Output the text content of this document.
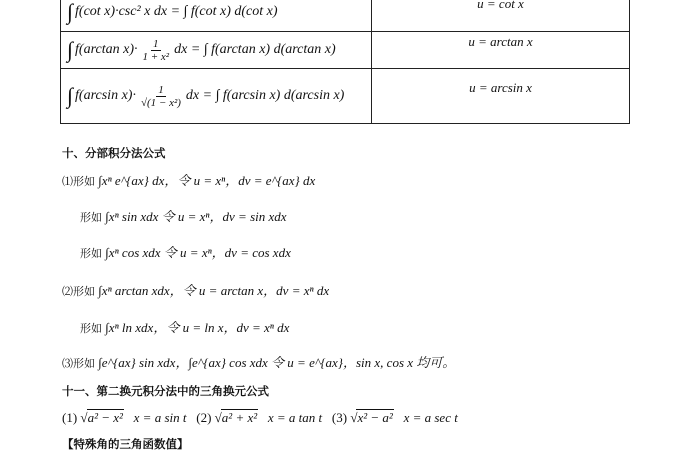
∫ f(cot x)·csc² x dx = ∫ f(cot x) d(cot x)	$^{u = cot x}$

∫ f(arctan $x)\cdot \frac{1}{\text{1 + x²}}$ dx = ∫ f(arctan x) d(arctan x)	$^{u = arctan x}$

∫ f(arcsin $x)\cdot \frac{1}{\text{√(1 − x²)}}$ dx = ∫ f(arcsin x) d(arcsin x)	$^{u = arcsin x}$
十、分部积分法公式
⑴形如 ∫xⁿ e^{ax} dx，令 u = xⁿ，dv = e^{ax} dx
形如 ∫xⁿ sin xdx 令 u = xⁿ，dv = sin xdx
形如 ∫xⁿ cos xdx 令 u = xⁿ，dv = cos xdx
⑵形如 ∫xⁿ arctan xdx，令 u = arctan x，dv = xⁿ dx
形如 ∫xⁿ ln xdx，令 u = ln x，dv = xⁿ dx
⑶形如 ∫e^{ax} sin xdx，∫e^{ax} cos xdx 令 u = e^{ax}，sin x, cos x 均可。
十一、第二换元积分法中的三角换元公式
(1) √a² − x² x = a sin t (2) √a² + x² x = a tan t (3) √x² − a² x = a sec t
【特殊角的三角函数值】
